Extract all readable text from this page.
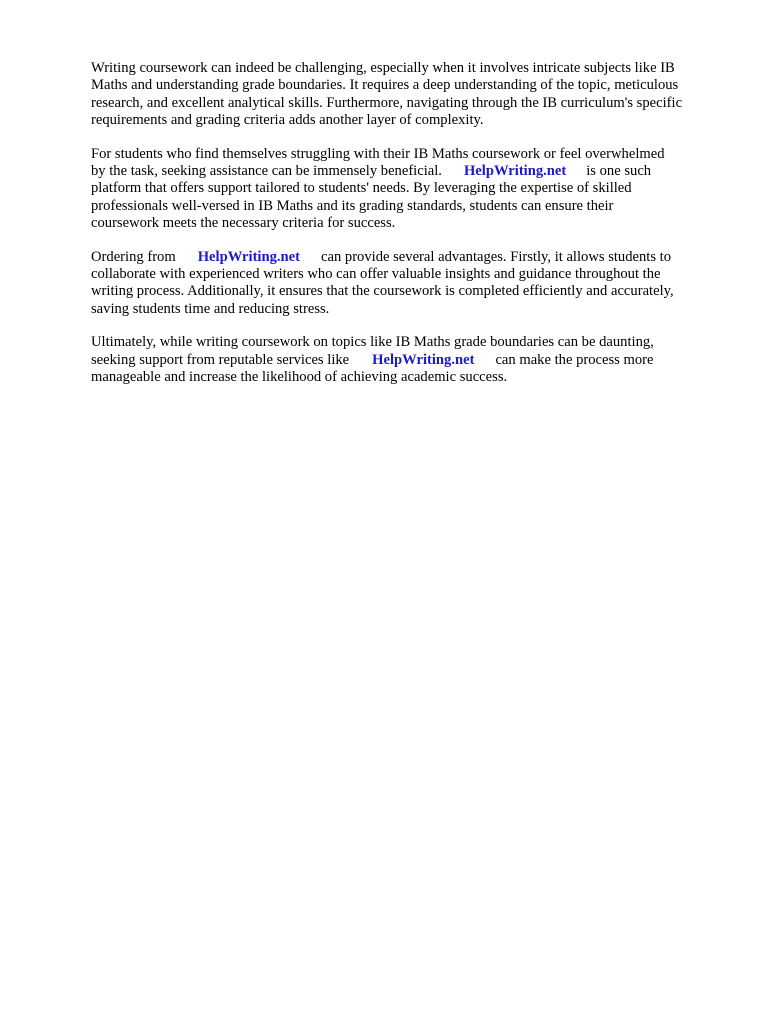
Writing coursework can indeed be challenging, especially when it involves intricate subjects like IB
Maths and understanding grade boundaries. It requires a deep understanding of the topic, meticulous
research, and excellent analytical skills. Furthermore, navigating through the IB curriculum's specific
requirements and grading criteria adds another layer of complexity.

For students who find themselves struggling with their IB Maths coursework or feel overwhelmed
by the task, seeking assistance can be immensely beneficial. HelpWriting.net is one such
platform that offers support tailored to students' needs. By leveraging the expertise of skilled
professionals well-versed in IB Maths and its grading standards, students can ensure their
coursework meets the necessary criteria for success.

Ordering from HelpWriting.net can provide several advantages. Firstly, it allows students to
collaborate with experienced writers who can offer valuable insights and guidance throughout the
writing process. Additionally, it ensures that the coursework is completed efficiently and accurately,
saving students time and reducing stress.

Ultimately, while writing coursework on topics like IB Maths grade boundaries can be daunting,
seeking support from reputable services like HelpWriting.net can make the process more
manageable and increase the likelihood of achieving academic success.
